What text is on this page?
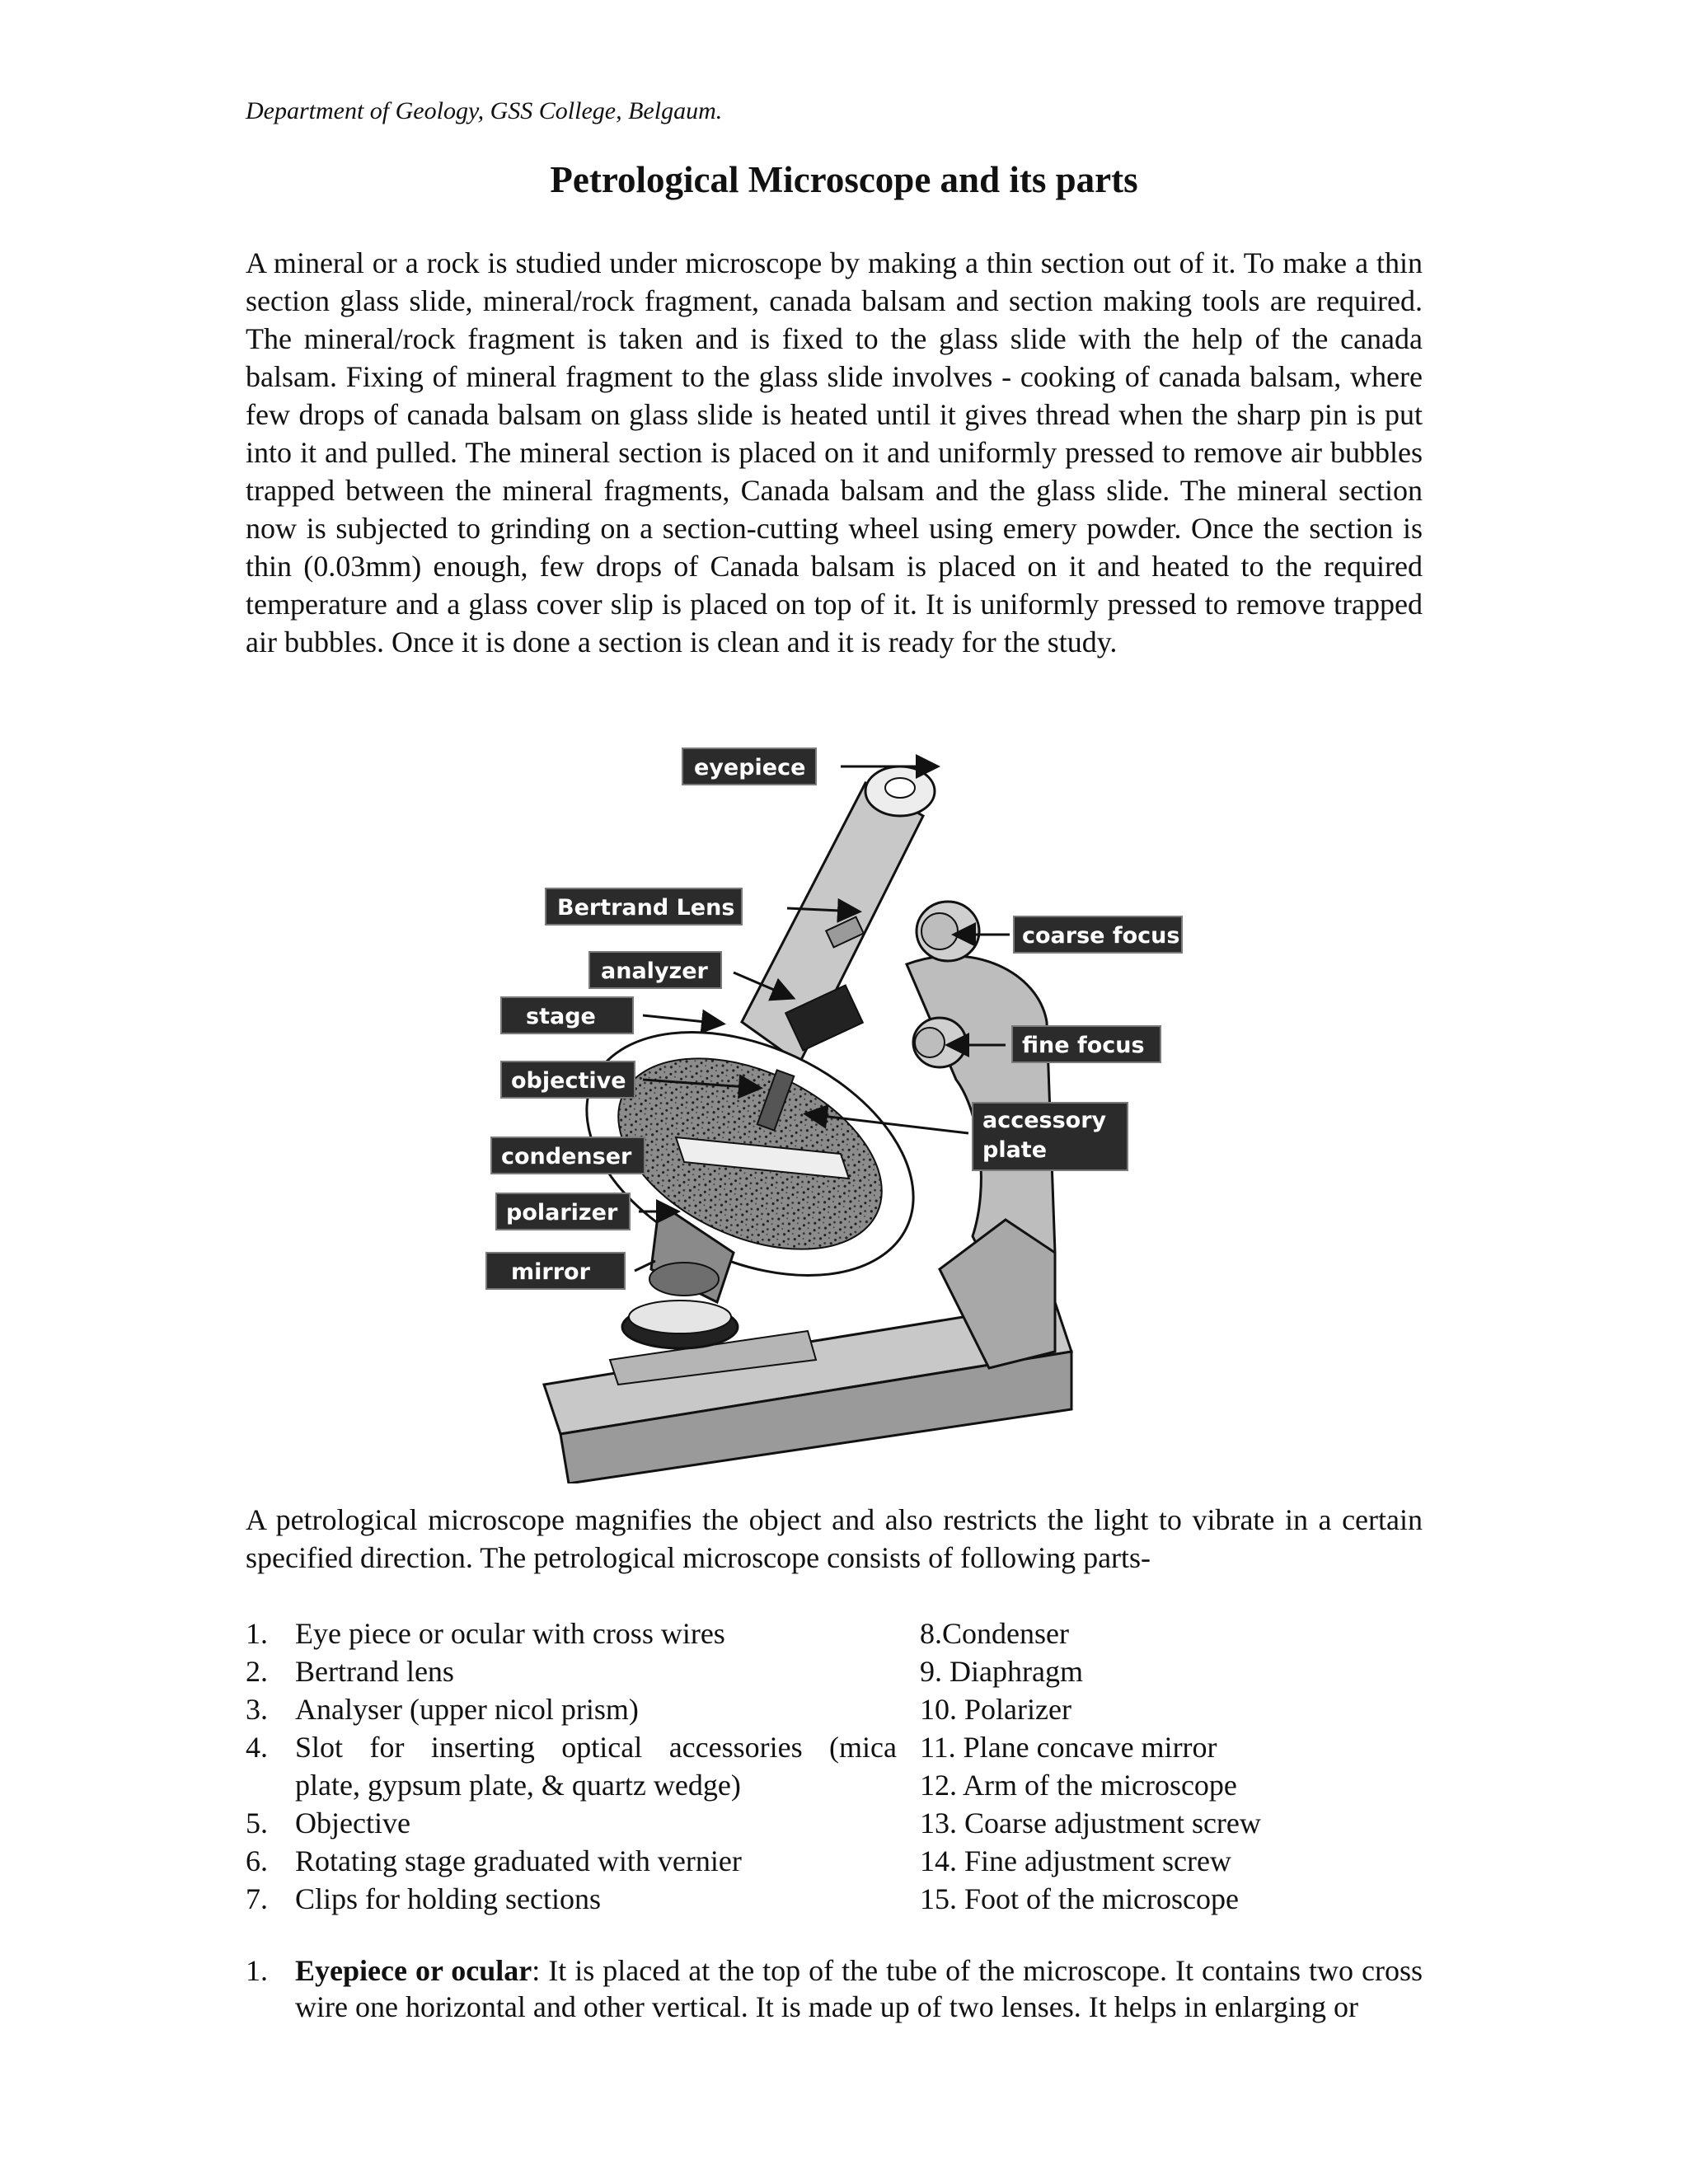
Department of Geology, GSS College, Belgaum.
Petrological Microscope and its parts
A mineral or a rock is studied under microscope by making a thin section out of it. To make a thin section glass slide, mineral/rock fragment, canada balsam and section making tools are required. The mineral/rock fragment is taken and is fixed to the glass slide with the help of the canada balsam. Fixing of mineral fragment to the glass slide involves - cooking of canada balsam, where few drops of canada balsam on glass slide is heated until it gives thread when the sharp pin is put into it and pulled. The mineral section is placed on it and uniformly pressed to remove air bubbles trapped between the mineral fragments, Canada balsam and the glass slide. The mineral section now is subjected to grinding on a section-cutting wheel using emery powder. Once the section is thin (0.03mm) enough, few drops of Canada balsam is placed on it and heated to the required temperature and a glass cover slip is placed on top of it. It is uniformly pressed to remove trapped air bubbles. Once it is done a section is clean and it is ready for the study.
eyepiece
Bertrand Lens
analyzer
stage
objective
condenser
polarizer
mirror
coarse focus
fine focus
accessory
plate
A petrological microscope magnifies the object and also restricts the light to vibrate in a certain specified direction. The petrological microscope consists of following parts-
1. Eye piece or ocular with cross wires
2. Bertrand lens
3. Analyser (upper nicol prism)
4. Slot for inserting optical accessories (mica
plate, gypsum plate, & quartz wedge)
5. Objective
6. Rotating stage graduated with vernier
7. Clips for holding sections
8.Condenser
9. Diaphragm
10. Polarizer
11. Plane concave mirror
12. Arm of the microscope
13. Coarse adjustment screw
14. Fine adjustment screw
15. Foot of the microscope
1. Eyepiece or ocular: It is placed at the top of the tube of the microscope. It contains two cross wire one horizontal and other vertical. It is made up of two lenses. It helps in enlarging or
